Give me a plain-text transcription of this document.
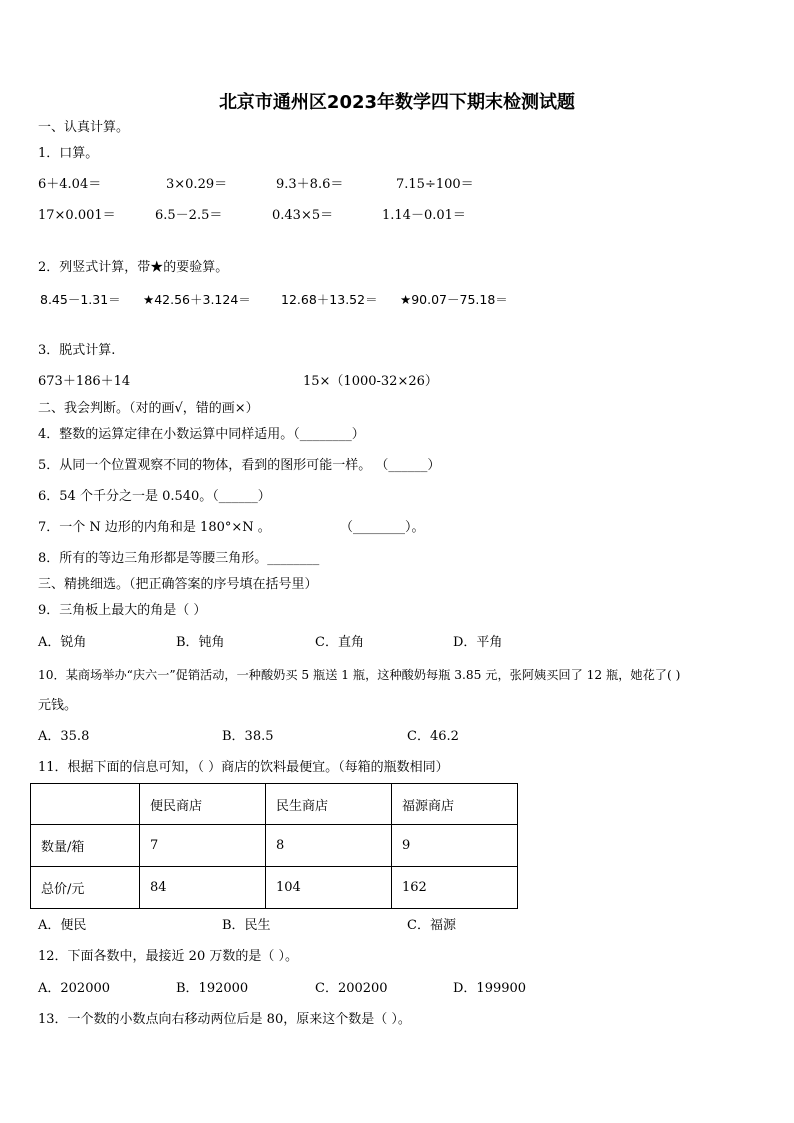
北京市通州区2023年数学四下期末检测试题
一、认真计算。
1．口算。
6＋4.04＝	3×0.29＝	9.3＋8.6＝	7.15÷100＝
17×0.001＝	6.5－2.5＝	0.43×5＝	1.14－0.01＝
2．列竖式计算，带★的要验算。
8.45－1.31＝ ★42.56＋3.124＝ 12.68＋13.52＝ ★90.07－75.18＝
3．脱式计算.
673＋186＋14	15×（1000-32×26）
二、我会判断。（对的画√，错的画×）
4．整数的运算定律在小数运算中同样适用。（________）
5．从同一个位置观察不同的物体，看到的图形可能一样。 （______）
6．54 个千分之一是 0.540。（______）
7．一个 N 边形的内角和是 180°×N 。	（________）。
8．所有的等边三角形都是等腰三角形。________
三、精挑细选。（把正确答案的序号填在括号里）
9．三角板上最大的角是（ ）
A．锐角	B．钝角	C．直角	D．平角
10．某商场举办“庆六一”促销活动，一种酸奶买 5 瓶送 1 瓶，这种酸奶每瓶 3.85 元，张阿姨买回了 12 瓶，她花了( )
元钱。
A．35.8	B．38.5	C．46.2
11．根据下面的信息可知，（ ）商店的饮料最便宜。（每箱的瓶数相同）
	便民商店	民生商店	福源商店
数量/箱	7	8	9
总价/元	84	104	162
A．便民	B．民生	C．福源
12．下面各数中，最接近 20 万数的是（ ）。
A．202000	B．192000	C．200200	D．199900
13．一个数的小数点向右移动两位后是 80，原来这个数是（ ）。
